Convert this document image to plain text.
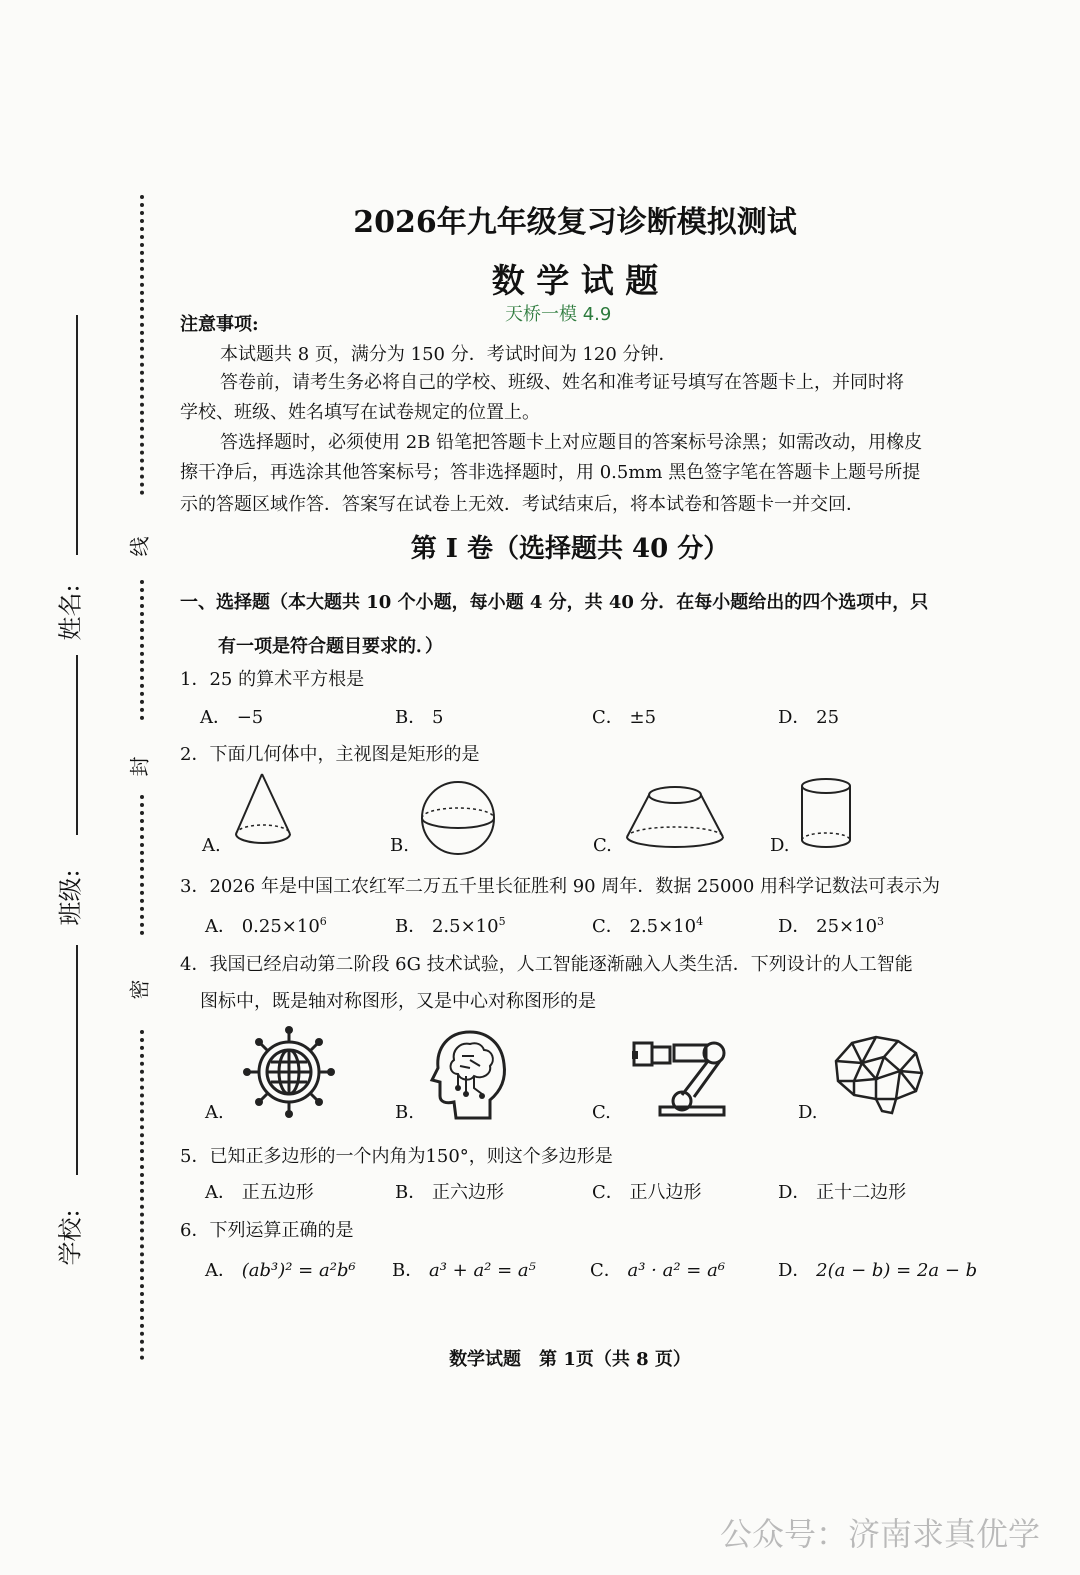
线
封
密
姓名:
班级:
学校:
2026年九年级复习诊断模拟测试
数 学 试 题
天桥一模 4.9
注意事项:
本试题共 8 页，满分为 150 分．考试时间为 120 分钟．
答卷前，请考生务必将自己的学校、班级、姓名和准考证号填写在答题卡上，并同时将
学校、班级、姓名填写在试卷规定的位置上。
答选择题时，必须使用 2B 铅笔把答题卡上对应题目的答案标号涂黑；如需改动，用橡皮
擦干净后，再选涂其他答案标号；答非选择题时，用 0.5mm 黑色签字笔在答题卡上题号所提
示的答题区域作答．答案写在试卷上无效．考试结束后，将本试卷和答题卡一并交回．
第 I 卷（选择题共 40 分）
一、选择题（本大题共 10 个小题，每小题 4 分，共 40 分．在每小题给出的四个选项中，只
有一项是符合题目要求的．）
1．25 的算术平方根是
A． −5	B． 5	C． ±5	D． 25
2．下面几何体中，主视图是矩形的是
A.	B.	C.	D.
3．2026 年是中国工农红军二万五千里长征胜利 90 周年．数据 25000 用科学记数法可表示为
A． $0.25\times 10^6$	B． $2.5\times 10^5$	C． $2.5\times 10^4$	D． $25\times 10^3$
4．我国已经启动第二阶段 6G 技术试验，人工智能逐渐融入人类生活．下列设计的人工智能
图标中，既是轴对称图形，又是中心对称图形的是
A.	B.	C.	D.
5．已知正多边形的一个内角为150°，则这个多边形是
A． 正五边形	B． 正六边形	C． 正八边形	D． 正十二边形
6．下列运算正确的是
A． (ab³)² = a²b⁶ B． a³ + a² = a⁵	C． a³ · a² = a⁶	D． 2(a − b) = 2a − b
数学试题　第 1页（共 8 页）
公众号：济南求真优学
